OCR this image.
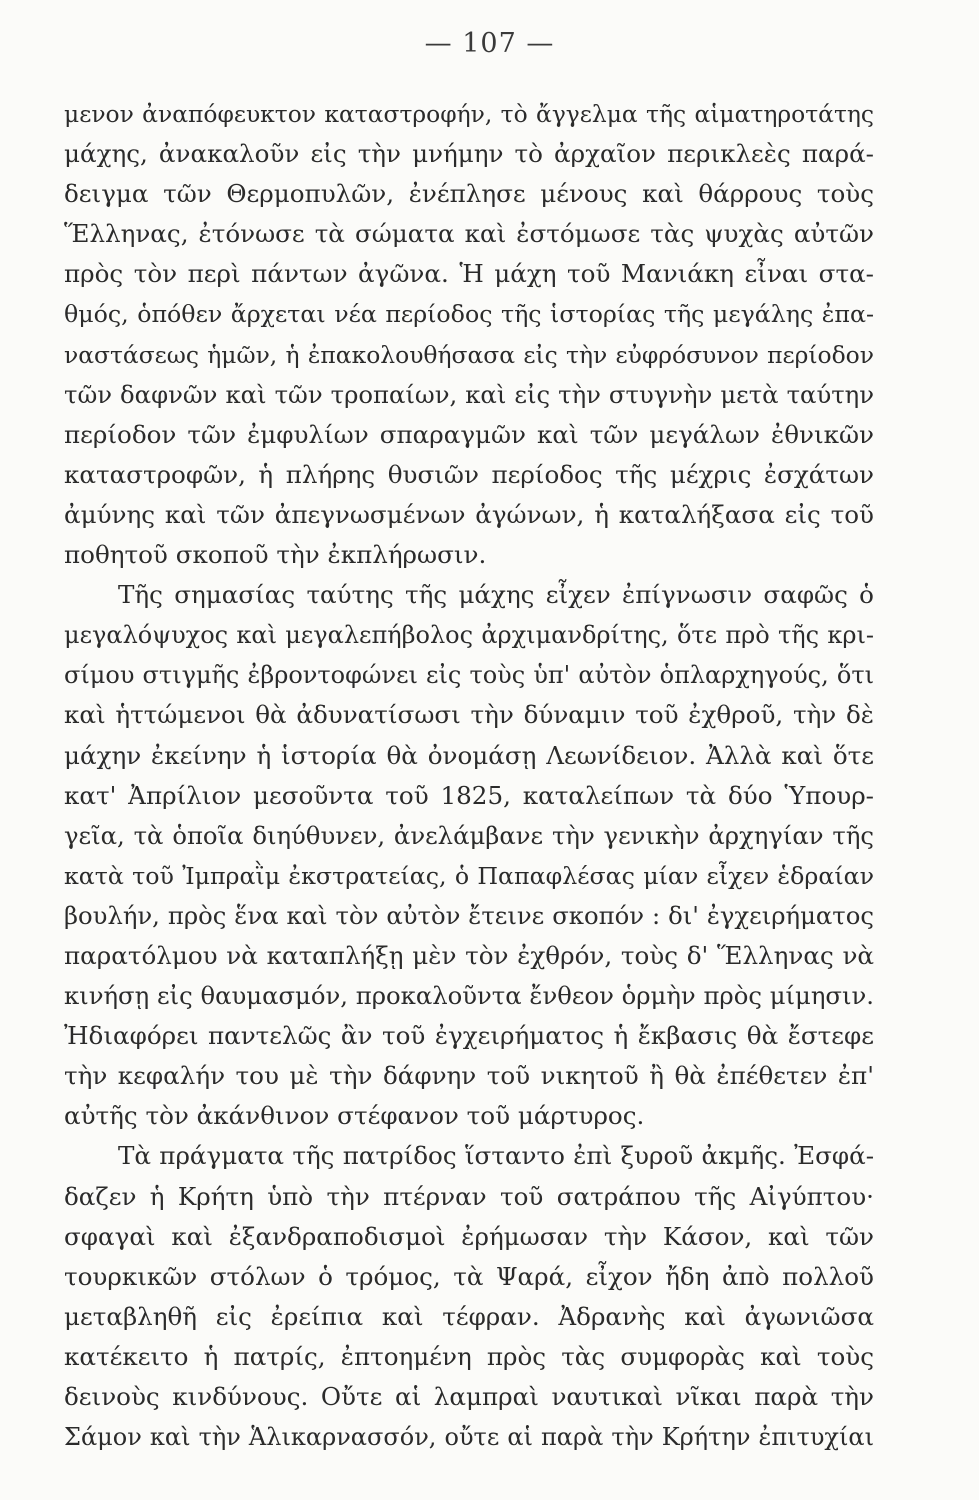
— 107 —
μενον ἀναπόφευκτον καταστροφήν, τὸ ἄγγελμα τῆς αἱματηροτάτης
μάχης, ἀνακαλοῦν εἰς τὴν μνήμην τὸ ἀρχαῖον περικλεὲς παρά-
δειγμα τῶν Θερμοπυλῶν, ἐνέπλησε μένους καὶ θάρρους τοὺς
Ἕλληνας, ἐτόνωσε τὰ σώματα καὶ ἐστόμωσε τὰς ψυχὰς αὐτῶν
πρὸς τὸν περὶ πάντων ἀγῶνα. Ἡ μάχη τοῦ Μανιάκη εἶναι στα-
θμός, ὁπόθεν ἄρχεται νέα περίοδος τῆς ἱστορίας τῆς μεγάλης ἐπα-
ναστάσεως ἡμῶν, ἡ ἐπακολουθήσασα εἰς τὴν εὐφρόσυνον περίοδον
τῶν δαφνῶν καὶ τῶν τροπαίων, καὶ εἰς τὴν στυγνὴν μετὰ ταύτην
περίοδον τῶν ἐμφυλίων σπαραγμῶν καὶ τῶν μεγάλων ἐθνικῶν
καταστροφῶν, ἡ πλήρης θυσιῶν περίοδος τῆς μέχρις ἐσχάτων
ἀμύνης καὶ τῶν ἀπεγνωσμένων ἀγώνων, ἡ καταλήξασα εἰς τοῦ
ποθητοῦ σκοποῦ τὴν ἐκπλήρωσιν.
Τῆς σημασίας ταύτης τῆς μάχης εἶχεν ἐπίγνωσιν σαφῶς ὁ
μεγαλόψυχος καὶ μεγαλεπήβολος ἀρχιμανδρίτης, ὅτε πρὸ τῆς κρι-
σίμου στιγμῆς ἐβροντοφώνει εἰς τοὺς ὑπ' αὐτὸν ὁπλαρχηγούς, ὅτι
καὶ ἡττώμενοι θὰ ἀδυνατίσωσι τὴν δύναμιν τοῦ ἐχθροῦ, τὴν δὲ
μάχην ἐκείνην ἡ ἱστορία θὰ ὀνομάσῃ Λεωνίδειον. Ἀλλὰ καὶ ὅτε
κατ' Ἀπρίλιον μεσοῦντα τοῦ 1825, καταλείπων τὰ δύο Ὑπουρ-
γεῖα, τὰ ὁποῖα διηύθυνεν, ἀνελάμβανε τὴν γενικὴν ἀρχηγίαν τῆς
κατὰ τοῦ Ἰμπραῒμ ἐκστρατείας, ὁ Παπαφλέσας μίαν εἶχεν ἑδραίαν
βουλήν, πρὸς ἕνα καὶ τὸν αὐτὸν ἔτεινε σκοπόν : δι' ἐγχειρήματος
παρατόλμου νὰ καταπλήξῃ μὲν τὸν ἐχθρόν, τοὺς δ' Ἕλληνας νὰ
κινήσῃ εἰς θαυμασμόν, προκαλοῦντα ἔνθεον ὁρμὴν πρὸς μίμησιν.
Ἠδιαφόρει παντελῶς ἂν τοῦ ἐγχειρήματος ἡ ἔκβασις θὰ ἔστεφε
τὴν κεφαλήν του μὲ τὴν δάφνην τοῦ νικητοῦ ἢ θὰ ἐπέθετεν ἐπ'
αὐτῆς τὸν ἀκάνθινον στέφανον τοῦ μάρτυρος.
Τὰ πράγματα τῆς πατρίδος ἵσταντο ἐπὶ ξυροῦ ἀκμῆς. Ἐσφά-
δαζεν ἡ Κρήτη ὑπὸ τὴν πτέρναν τοῦ σατράπου τῆς Αἰγύπτου·
σφαγαὶ καὶ ἐξανδραποδισμοὶ ἐρήμωσαν τὴν Κάσον, καὶ τῶν
τουρκικῶν στόλων ὁ τρόμος, τὰ Ψαρά, εἶχον ἤδη ἀπὸ πολλοῦ
μεταβληθῆ εἰς ἐρείπια καὶ τέφραν. Ἀδρανὴς καὶ ἀγωνιῶσα
κατέκειτο ἡ πατρίς, ἐπτοημένη πρὸς τὰς συμφορὰς καὶ τοὺς
δεινοὺς κινδύνους. Οὔτε αἱ λαμπραὶ ναυτικαὶ νῖκαι παρὰ τὴν
Σάμον καὶ τὴν Ἁλικαρνασσόν, οὔτε αἱ παρὰ τὴν Κρήτην ἐπιτυχίαι
